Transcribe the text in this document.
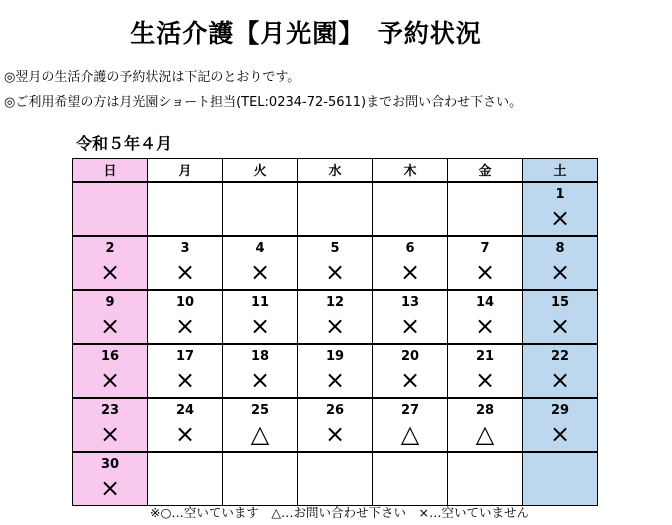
生活介護【月光園】　予約状況
◎翌月の生活介護の予約状況は下記のとおりです。
◎ご利用希望の方は月光園ショート担当(TEL:0234-72-5611)までお問い合わせ下さい。
令和５年４月
日	月	火	水	木	金	土
						1
						×
2	3	4	5	6	7	8
×	×	×	×	×	×	×
9	10	11	12	13	14	15
×	×	×	×	×	×	×
16	17	18	19	20	21	22
×	×	×	×	×	×	×
23	24	25	26	27	28	29
×	×	△	×	△	△	×
30						
×						
※○…空いています　△…お問い合わせ下さい　×…空いていません
